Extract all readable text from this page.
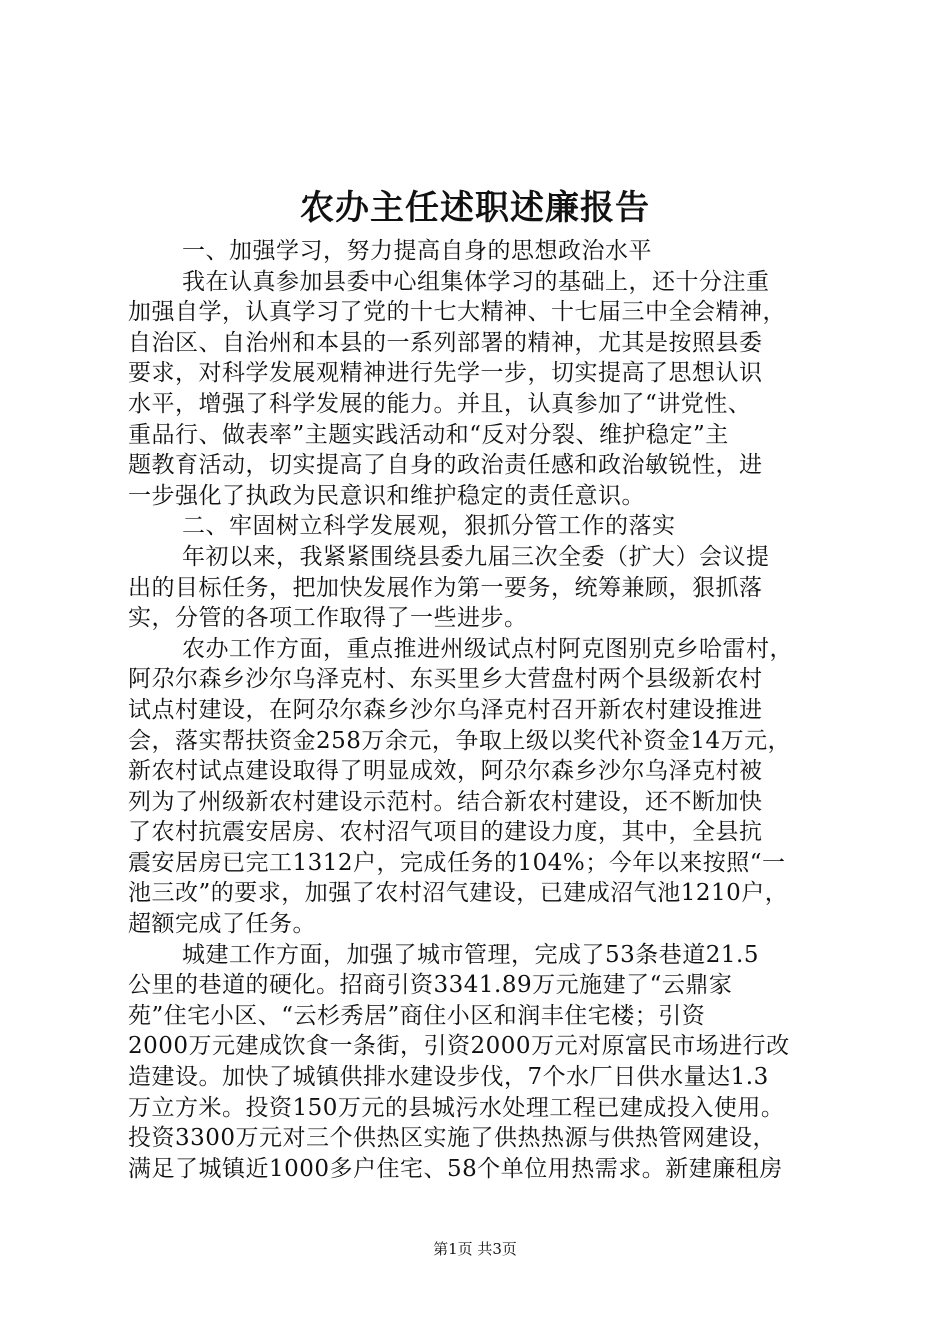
农办主任述职述廉报告
一、加强学习，努力提高自身的思想政治水平
我在认真参加县委中心组集体学习的基础上，还十分注重
加强自学，认真学习了党的十七大精神、十七届三中全会精神，
自治区、自治州和本县的一系列部署的精神，尤其是按照县委
要求，对科学发展观精神进行先学一步，切实提高了思想认识
水平，增强了科学发展的能力。并且，认真参加了“讲党性、
重品行、做表率”主题实践活动和“反对分裂、维护稳定”主
题教育活动，切实提高了自身的政治责任感和政治敏锐性，进
一步强化了执政为民意识和维护稳定的责任意识。
二、牢固树立科学发展观，狠抓分管工作的落实
年初以来，我紧紧围绕县委九届三次全委（扩大）会议提
出的目标任务，把加快发展作为第一要务，统筹兼顾，狠抓落
实，分管的各项工作取得了一些进步。
农办工作方面，重点推进州级试点村阿克图别克乡哈雷村，
阿尕尔森乡沙尔乌泽克村、东买里乡大营盘村两个县级新农村
试点村建设，在阿尕尔森乡沙尔乌泽克村召开新农村建设推进
会，落实帮扶资金258万余元，争取上级以奖代补资金14万元，
新农村试点建设取得了明显成效，阿尕尔森乡沙尔乌泽克村被
列为了州级新农村建设示范村。结合新农村建设，还不断加快
了农村抗震安居房、农村沼气项目的建设力度，其中，全县抗
震安居房已完工1312户，完成任务的104%；今年以来按照“一
池三改”的要求，加强了农村沼气建设，已建成沼气池1210户，
超额完成了任务。
城建工作方面，加强了城市管理，完成了53条巷道21.5
公里的巷道的硬化。招商引资3341.89万元施建了“云鼎家
苑”住宅小区、“云杉秀居”商住小区和润丰住宅楼；引资
2000万元建成饮食一条街，引资2000万元对原富民市场进行改
造建设。加快了城镇供排水建设步伐，7个水厂日供水量达1.3
万立方米。投资150万元的县城污水处理工程已建成投入使用。
投资3300万元对三个供热区实施了供热热源与供热管网建设，
满足了城镇近1000多户住宅、58个单位用热需求。新建廉租房
第1页 共3页
